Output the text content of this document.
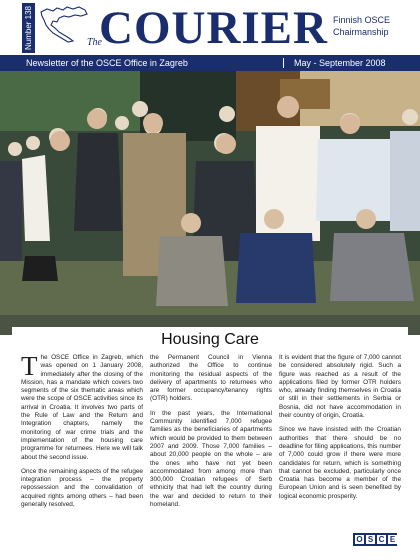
Number 138	The
COURIER Finnish OSCE
Chairmanship
Newsletter of the OSCE Office in Zagreb	May - September 2008
Housing Care

The OSCE Office in Zagreb, which was opened on 1 January 2008, immediately after the closing of the Mission, has a mandate which covers two segments of the six thematic areas which were the scope of OSCE activities since its arrival in Croatia. It involves two parts of the Rule of Law and the Return and Integration chapters, namely the monitoring of war crime trials and the implementation of the housing care programme for returnees. Here we will talk about the second issue.

Once the remaining aspects of the refugee integration process – the property repossession and the convalidation of acquired rights among others – had been generally resolved,

the Permanent Council in Vienna authorized the Office to continue monitoring the residual aspects of the delivery of apartments to returnees who are former occupancy/tenancy rights (OTR) holders.

In the past years, the International Community identified 7,000 refugee families as the beneficiaries of apartments which would be provided to them between 2007 and 2009. Those 7,000 families – about 20,000 people on the whole – are the ones who have not yet been accommodated from among more than 300,000 Croatian refugees of Serb ethnicity that had left the country during the war and decided to return to their homeland.

It is evident that the figure of 7,000 cannot be considered absolutely rigid. Such a figure was reached as a result of the applications filed by former OTR holders who, already finding themselves in Croatia or still in their settlements in Serbia or Bosnia, did not have accommodation in their country of origin, Croatia.

Since we have insisted with the Croatian authorities that there should be no deadline for filing applications, this number of 7,000 could grow if there were more candidates for return, which is something that cannot be excluded, particularly once Croatia has become a member of the European Union and is seen benefited by logical economic prosperity.

O S C E
